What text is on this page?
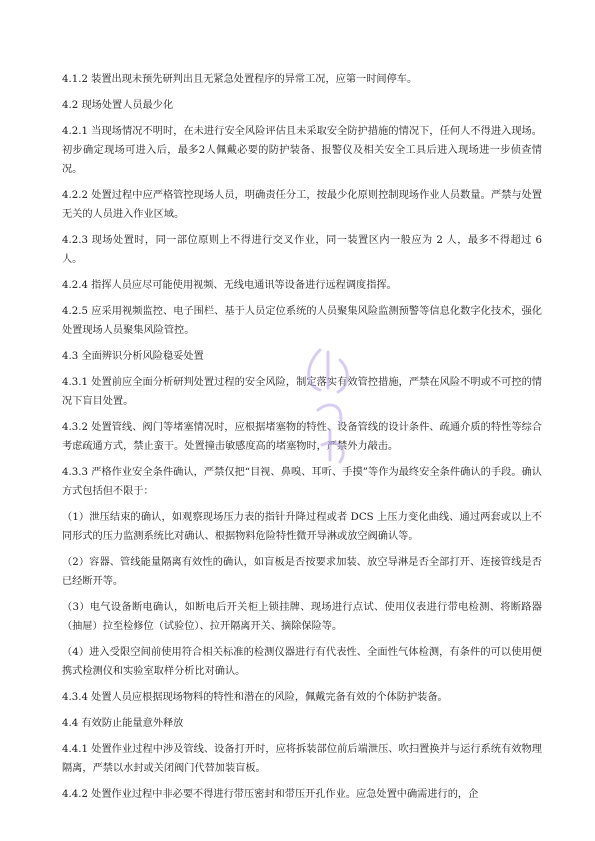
4.1.2 装置出现未预先研判出且无紧急处置程序的异常工况，应第一时间停车。

4.2 现场处置人员最少化

4.2.1 当现场情况不明时，在未进行安全风险评估且未采取安全防护措施的情况下，任何人不得进入现场。初步确定现场可进入后，最多2人佩戴必要的防护装备、报警仪及相关安全工具后进入现场进一步侦查情况。

4.2.2 处置过程中应严格管控现场人员，明确责任分工，按最少化原则控制现场作业人员数量。严禁与处置无关的人员进入作业区域。

4.2.3 现场处置时，同一部位原则上不得进行交叉作业，同一装置区内一般应为 2 人，最多不得超过 6 人。

4.2.4 指挥人员应尽可能使用视频、无线电通讯等设备进行远程调度指挥。

4.2.5 应采用视频监控、电子围栏、基于人员定位系统的人员聚集风险监测预警等信息化数字化技术，强化处置现场人员聚集风险管控。

4.3 全面辨识分析风险稳妥处置

4.3.1 处置前应全面分析研判处置过程的安全风险，制定落实有效管控措施，严禁在风险不明或不可控的情况下盲目处置。

4.3.2 处置管线、阀门等堵塞情况时，应根据堵塞物的特性、设备管线的设计条件、疏通介质的特性等综合考虑疏通方式，禁止蛮干。处置撞击敏感度高的堵塞物时，严禁外力敲击。

4.3.3 严格作业安全条件确认，严禁仅把“目视、鼻嗅、耳听、手摸”等作为最终安全条件确认的手段。确认方式包括但不限于：

（1）泄压结束的确认，如观察现场压力表的指针升降过程或者 DCS 上压力变化曲线、通过两套或以上不同形式的压力监测系统比对确认、根据物料危险特性微开导淋或放空阀确认等。

（2）容器、管线能量隔离有效性的确认，如盲板是否按要求加装、放空导淋是否全部打开、连接管线是否已经断开等。

（3）电气设备断电确认，如断电后开关柜上锁挂牌、现场进行点试、使用仪表进行带电检测、将断路器（抽屉）拉至检修位（试验位）、拉开隔离开关、摘除保险等。

（4）进入受限空间前使用符合相关标准的检测仪器进行有代表性、全面性气体检测，有条件的可以使用便携式检测仪和实验室取样分析比对确认。

4.3.4 处置人员应根据现场物料的特性和潜在的风险，佩戴完备有效的个体防护装备。

4.4 有效防止能量意外释放

4.4.1 处置作业过程中涉及管线、设备打开时，应将拆装部位前后端泄压、吹扫置换并与运行系统有效物理隔离，严禁以水封或关闭阀门代替加装盲板。

4.4.2 处置作业过程中非必要不得进行带压密封和带压开孔作业。应急处置中确需进行的，企
